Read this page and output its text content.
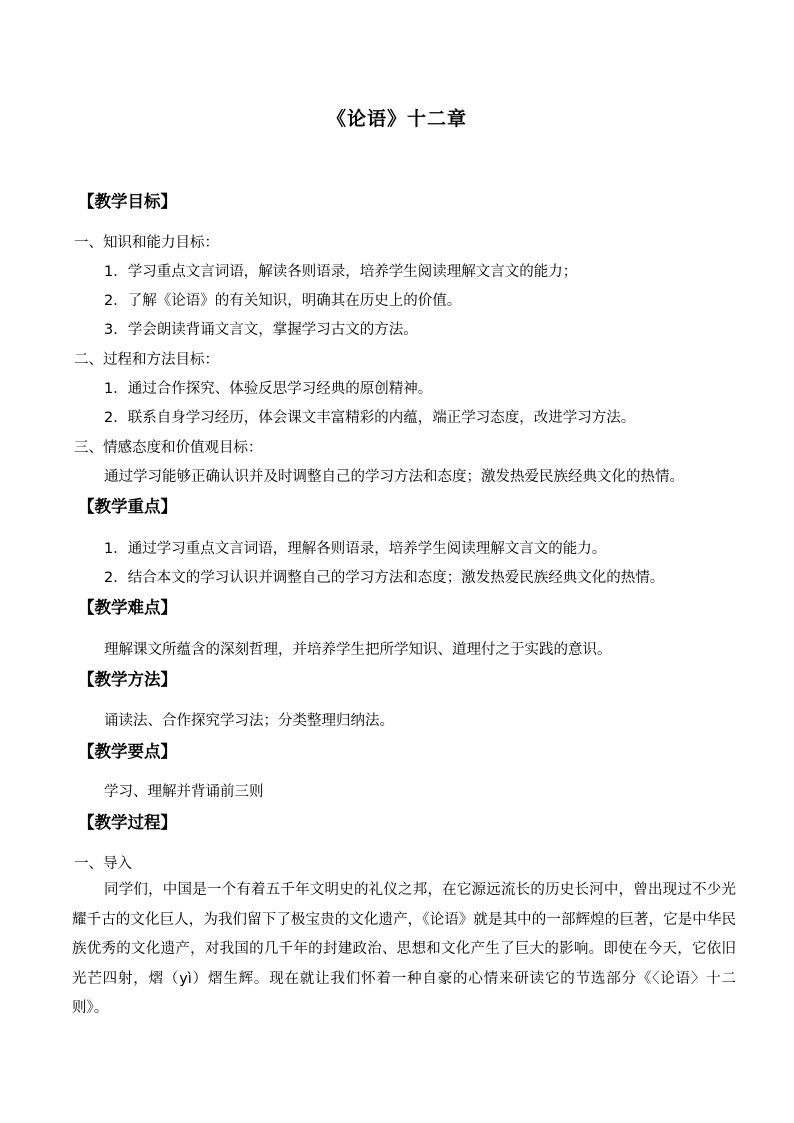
《论语》十二章
【教学目标】
一、知识和能力目标：
1．学习重点文言词语，解读各则语录，培养学生阅读理解文言文的能力；
2．了解《论语》的有关知识，明确其在历史上的价值。
3．学会朗读背诵文言文，掌握学习古文的方法。
二、过程和方法目标：
1．通过合作探究、体验反思学习经典的原创精神。
2．联系自身学习经历，体会课文丰富精彩的内蕴，端正学习态度，改进学习方法。
三、情感态度和价值观目标：
通过学习能够正确认识并及时调整自己的学习方法和态度；激发热爱民族经典文化的热情。
【教学重点】
1．通过学习重点文言词语，理解各则语录，培养学生阅读理解文言文的能力。
2．结合本文的学习认识并调整自己的学习方法和态度；激发热爱民族经典文化的热情。
【教学难点】
理解课文所蕴含的深刻哲理，并培养学生把所学知识、道理付之于实践的意识。
【教学方法】
诵读法、合作探究学习法；分类整理归纳法。
【教学要点】
学习、理解并背诵前三则
【教学过程】
一、导入
同学们，中国是一个有着五千年文明史的礼仪之邦，在它源远流长的历史长河中，曾出现过不少光耀千古的文化巨人，为我们留下了极宝贵的文化遗产，《论语》就是其中的一部辉煌的巨著，它是中华民族优秀的文化遗产，对我国的几千年的封建政治、思想和文化产生了巨大的影响。即使在今天，它依旧光芒四射，熠（yì）熠生辉。现在就让我们怀着一种自豪的心情来研读它的节选部分《〈论语〉十二则》。
